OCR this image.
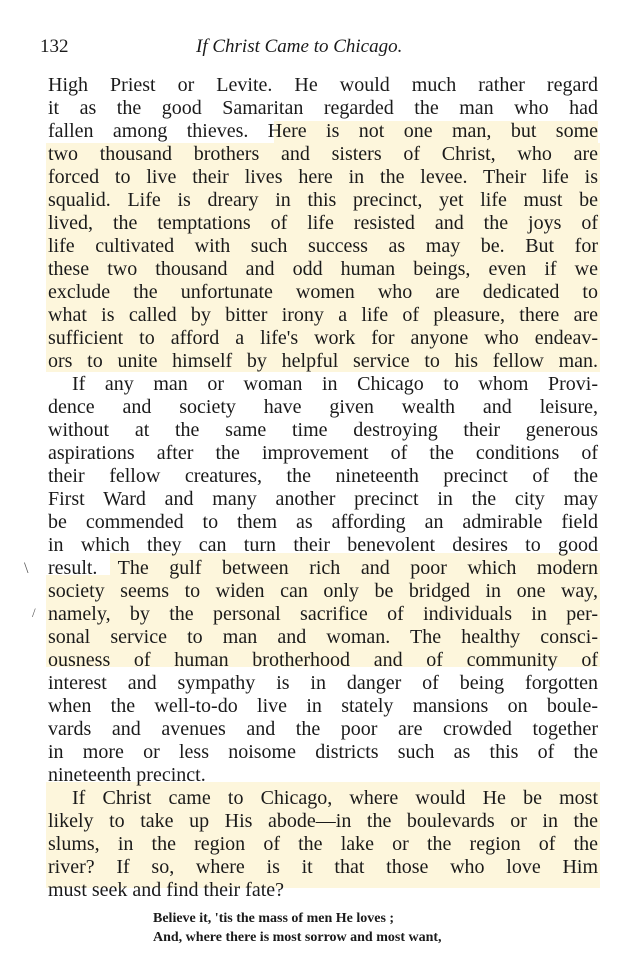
132	If Christ Came to Chicago.
High Priest or Levite. He would much rather regard
it as the good Samaritan regarded the man who had
fallen among thieves. Here is not one man, but some
two thousand brothers and sisters of Christ, who are
forced to live their lives here in the levee. Their life is
squalid. Life is dreary in this precinct, yet life must be
lived, the temptations of life resisted and the joys of
life cultivated with such success as may be. But for
these two thousand and odd human beings, even if we
exclude the unfortunate women who are dedicated to
what is called by bitter irony a life of pleasure, there are
sufficient to afford a life's work for anyone who endeav-
ors to unite himself by helpful service to his fellow man.
If any man or woman in Chicago to whom Provi-
dence and society have given wealth and leisure,
without at the same time destroying their generous
aspirations after the improvement of the conditions of
their fellow creatures, the nineteenth precinct of the
First Ward and many another precinct in the city may
be commended to them as affording an admirable field
in which they can turn their benevolent desires to good
result. The gulf between rich and poor which modern
society seems to widen can only be bridged in one way,
namely, by the personal sacrifice of individuals in per-
sonal service to man and woman. The healthy consci-
ousness of human brotherhood and of community of
interest and sympathy is in danger of being forgotten
when the well-to-do live in stately mansions on boule-
vards and avenues and the poor are crowded together
in more or less noisome districts such as this of the
nineteenth precinct.
If Christ came to Chicago, where would He be most
likely to take up His abode—in the boulevards or in the
slums, in the region of the lake or the region of the
river? If so, where is it that those who love Him
must seek and find their fate?
\
/
Believe it, 'tis the mass of men He loves ;
And, where there is most sorrow and most want,
